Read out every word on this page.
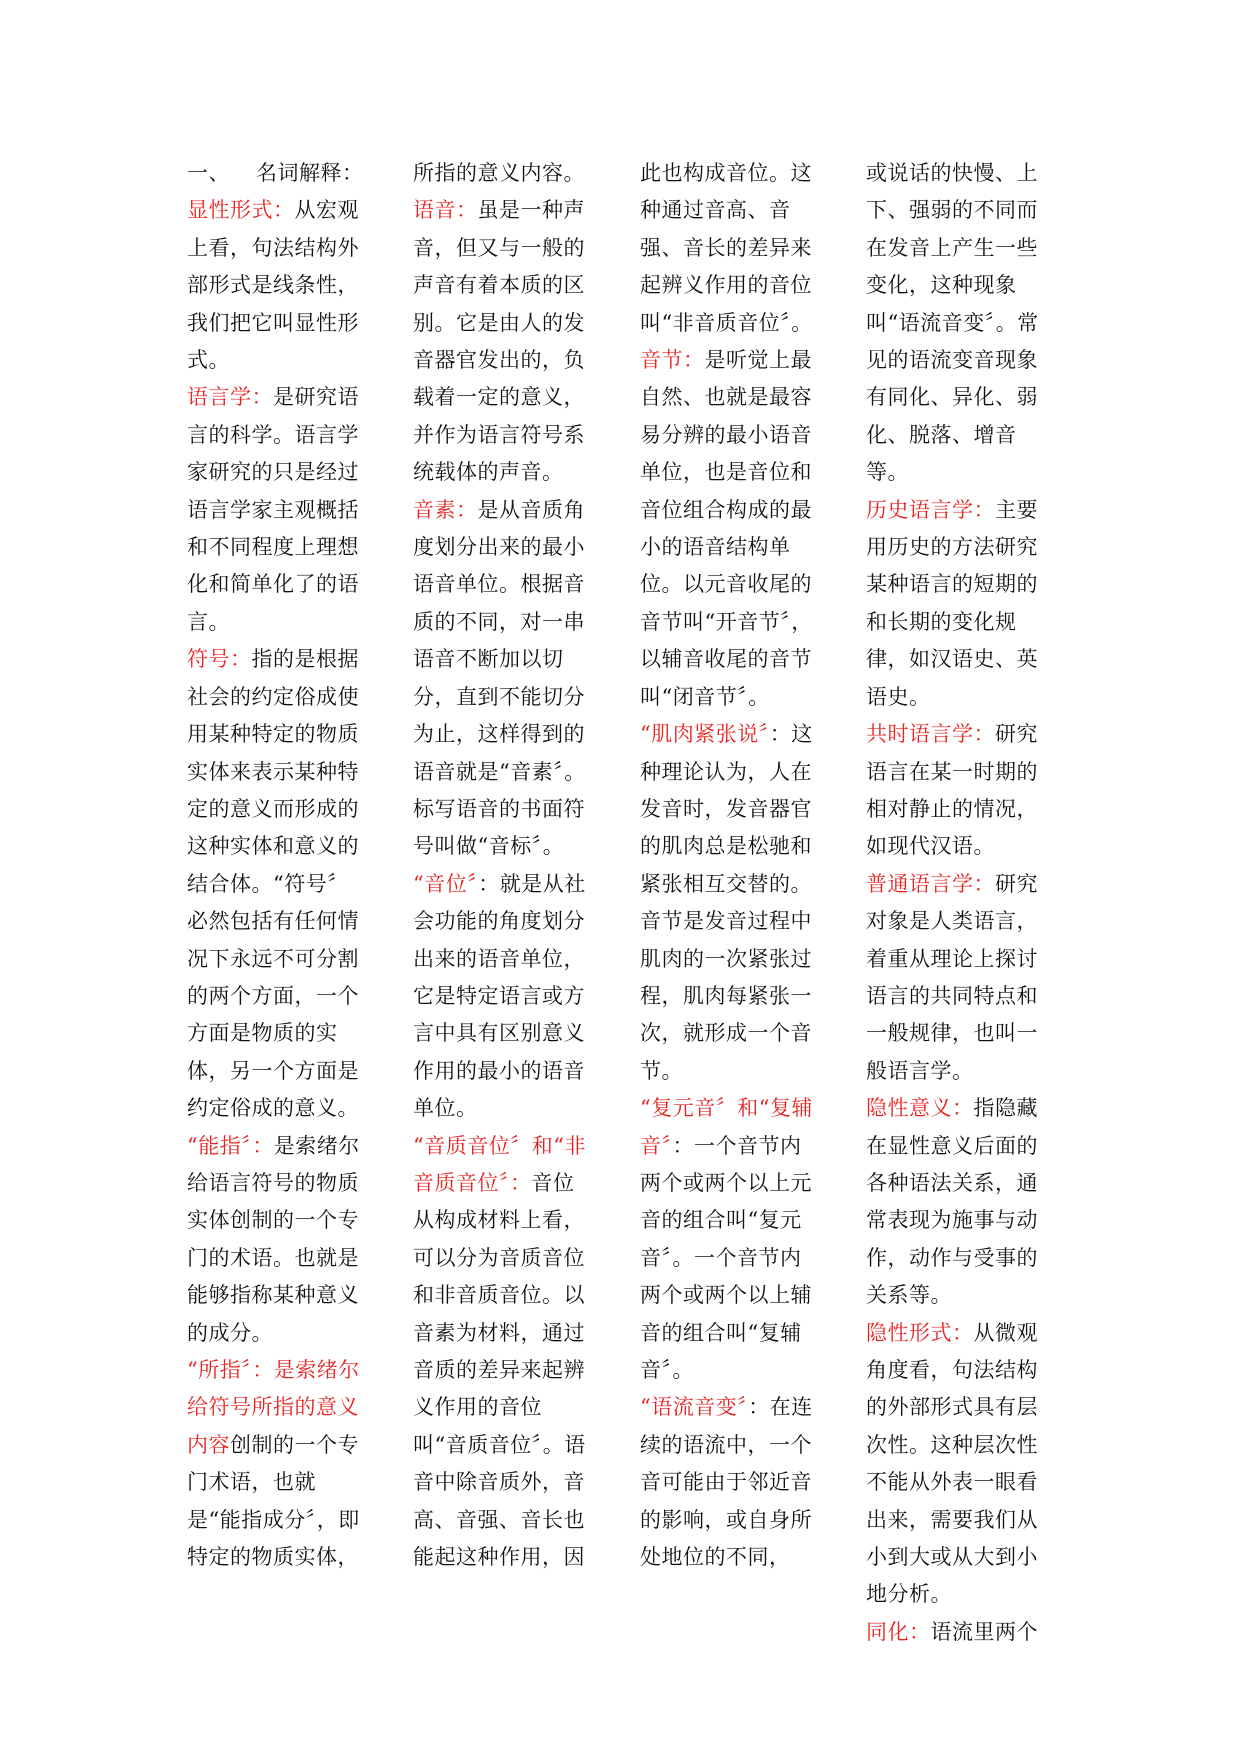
一、 名词解释：
显性形式：从宏观上看，句法结构外部形式是线条性，我们把它叫显性形式。
语言学：是研究语言的科学。语言学家研究的只是经过语言学家主观概括和不同程度上理想化和简单化了的语言。
符号：指的是根据社会的约定俗成使用某种特定的物质实体来表示某种特定的意义而形成的这种实体和意义的结合体。“符号〞必然包括有任何情况下永远不可分割的两个方面，一个方面是物质的实体，另一个方面是约定俗成的意义。
“能指〞：是索绪尔给语言符号的物质实体创制的一个专门的术语。也就是能够指称某种意义的成分。
“所指〞：是索绪尔给符号所指的意义内容创制的一个专门术语，也就是“能指成分〞，即特定的物质实体，
所指的意义内容。
语音：虽是一种声音，但又与一般的声音有着本质的区别。它是由人的发音器官发出的，负载着一定的意义，并作为语言符号系统载体的声音。
音素：是从音质角度划分出来的最小语音单位。根据音质的不同，对一串语音不断加以切分，直到不能切分为止，这样得到的语音就是“音素〞。标写语音的书面符号叫做“音标〞。
“音位〞：就是从社会功能的角度划分出来的语音单位，它是特定语言或方言中具有区别意义作用的最小的语音单位。
“音质音位〞和“非音质音位〞：音位从构成材料上看，可以分为音质音位和非音质音位。以音素为材料，通过音质的差异来起辨义作用的音位叫“音质音位〞。语音中除音质外，音高、音强、音长也能起这种作用，因
此也构成音位。这种通过音高、音强、音长的差异来起辨义作用的音位叫“非音质音位〞。
音节：是听觉上最自然、也就是最容易分辨的最小语音单位，也是音位和音位组合构成的最小的语音结构单位。以元音收尾的音节叫“开音节〞，以辅音收尾的音节叫“闭音节〞。
“肌肉紧张说〞：这种理论认为，人在发音时，发音器官的肌肉总是松驰和紧张相互交替的。音节是发音过程中肌肉的一次紧张过程，肌肉每紧张一次，就形成一个音节。
“复元音〞和“复辅音〞：一个音节内两个或两个以上元音的组合叫“复元音〞。一个音节内两个或两个以上辅音的组合叫“复辅音〞。
“语流音变〞：在连续的语流中，一个音可能由于邻近音的影响，或自身所处地位的不同，
或说话的快慢、上下、强弱的不同而在发音上产生一些变化，这种现象叫“语流音变〞。常见的语流变音现象有同化、异化、弱化、脱落、增音等。
历史语言学：主要用历史的方法研究某种语言的短期的和长期的变化规律，如汉语史、英语史。
共时语言学：研究语言在某一时期的相对静止的情况，如现代汉语。
普通语言学：研究对象是人类语言，着重从理论上探讨语言的共同特点和一般规律，也叫一般语言学。
隐性意义：指隐藏在显性意义后面的各种语法关系，通常表现为施事与动作，动作与受事的关系等。
隐性形式：从微观角度看，句法结构的外部形式具有层次性。这种层次性不能从外表一眼看出来，需要我们从小到大或从大到小地分析。
同化：语流里两个
